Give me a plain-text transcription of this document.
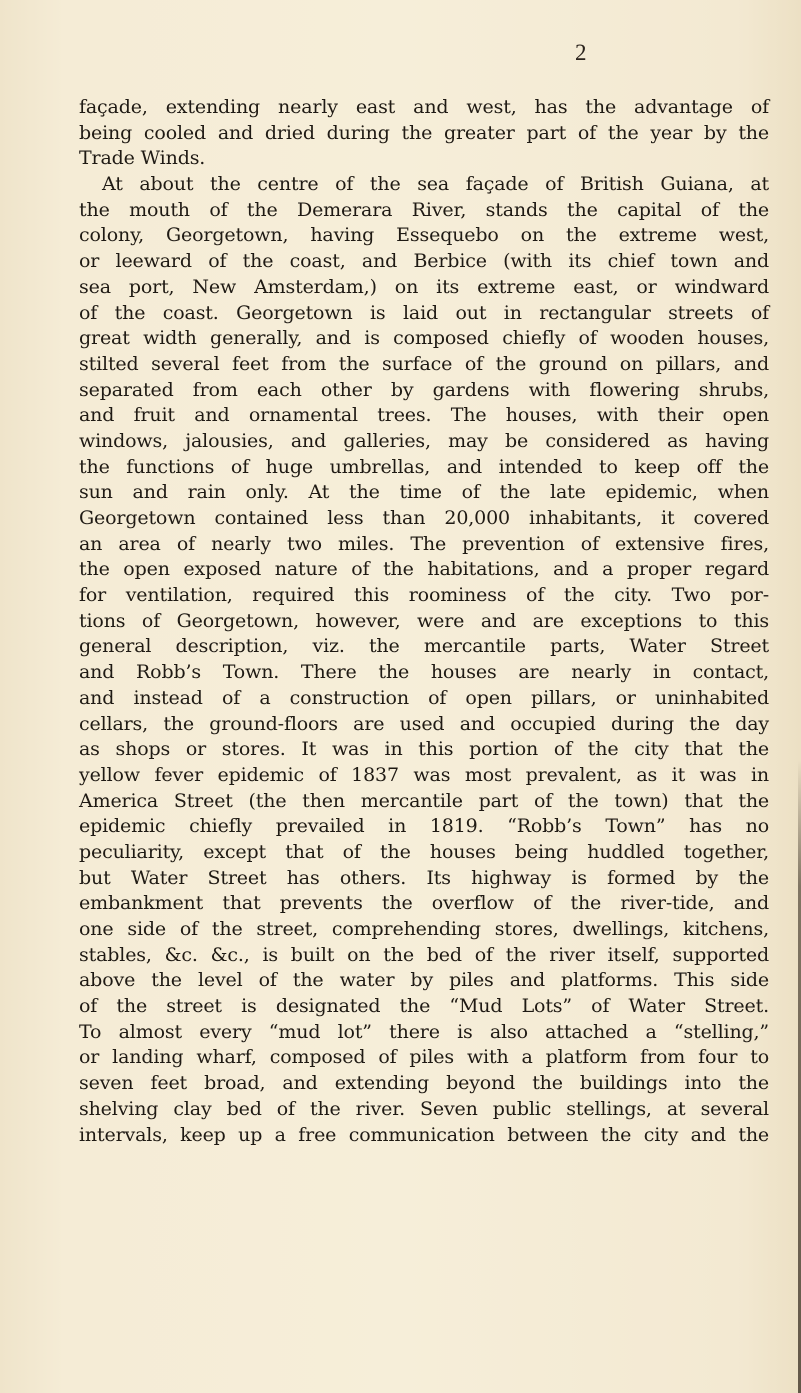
2
façade, extending nearly east and west, has the advantage of
being cooled and dried during the greater part of the year by the
Trade Winds.
At about the centre of the sea façade of British Guiana, at
the mouth of the Demerara River, stands the capital of the
colony, Georgetown, having Essequebo on the extreme west,
or leeward of the coast, and Berbice (with its chief town and
sea port, New Amsterdam,) on its extreme east, or windward
of the coast. Georgetown is laid out in rectangular streets of
great width generally, and is composed chiefly of wooden houses,
stilted several feet from the surface of the ground on pillars, and
separated from each other by gardens with flowering shrubs,
and fruit and ornamental trees. The houses, with their open
windows, jalousies, and galleries, may be considered as having
the functions of huge umbrellas, and intended to keep off the
sun and rain only. At the time of the late epidemic, when
Georgetown contained less than 20,000 inhabitants, it covered
an area of nearly two miles. The prevention of extensive fires,
the open exposed nature of the habitations, and a proper regard
for ventilation, required this roominess of the city. Two por-
tions of Georgetown, however, were and are exceptions to this
general description, viz. the mercantile parts, Water Street
and Robb’s Town. There the houses are nearly in contact,
and instead of a construction of open pillars, or uninhabited
cellars, the ground-floors are used and occupied during the day
as shops or stores. It was in this portion of the city that the
yellow fever epidemic of 1837 was most prevalent, as it was in
America Street (the then mercantile part of the town) that the
epidemic chiefly prevailed in 1819. “Robb’s Town” has no
peculiarity, except that of the houses being huddled together,
but Water Street has others. Its highway is formed by the
embankment that prevents the overflow of the river-tide, and
one side of the street, comprehending stores, dwellings, kitchens,
stables, &c. &c., is built on the bed of the river itself, supported
above the level of the water by piles and platforms. This side
of the street is designated the “Mud Lots” of Water Street.
To almost every “mud lot” there is also attached a “stelling,”
or landing wharf, composed of piles with a platform from four to
seven feet broad, and extending beyond the buildings into the
shelving clay bed of the river. Seven public stellings, at several
intervals, keep up a free communication between the city and the
